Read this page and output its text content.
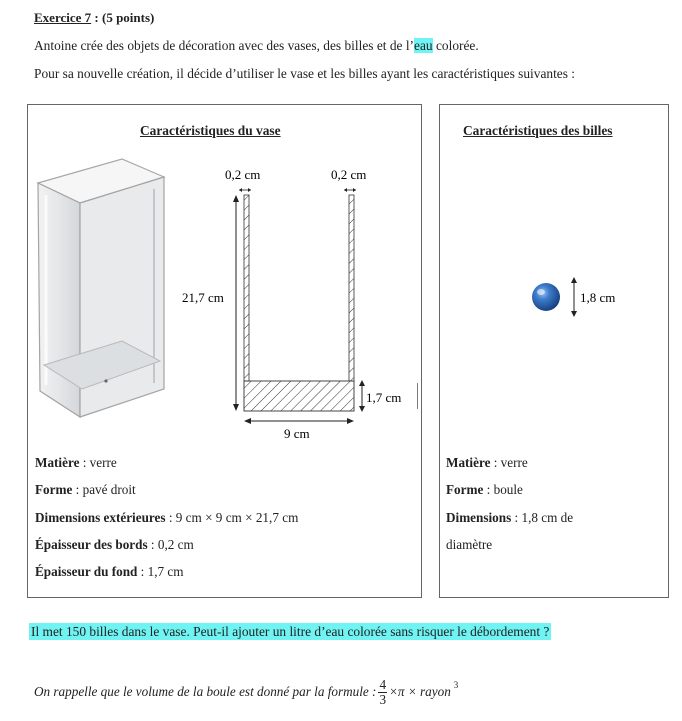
Exercice 7 : (5 points)
Antoine crée des objets de décoration avec des vases, des billes et de l’eau colorée.
Pour sa nouvelle création, il décide d’utiliser le vase et les billes ayant les caractéristiques suivantes :
Caractéristiques du vase
0,2 cm	0,2 cm
21,7 cm
1,7 cm
9 cm
Matière : verre
Forme : pavé droit
Dimensions extérieures : 9 cm × 9 cm × 21,7 cm
Épaisseur des bords : 0,2 cm
Épaisseur du fond : 1,7 cm
Caractéristiques des billes
1,8 cm
Matière : verre
Forme : boule
Dimensions : 1,8 cm de
diamètre
Il met 150 billes dans le vase. Peut-il ajouter un litre d’eau colorée sans risquer le débordement ?
On rappelle que le volume de la boule est donné par la formule : $\frac{4}{3} \times\pi$ × rayon 3
